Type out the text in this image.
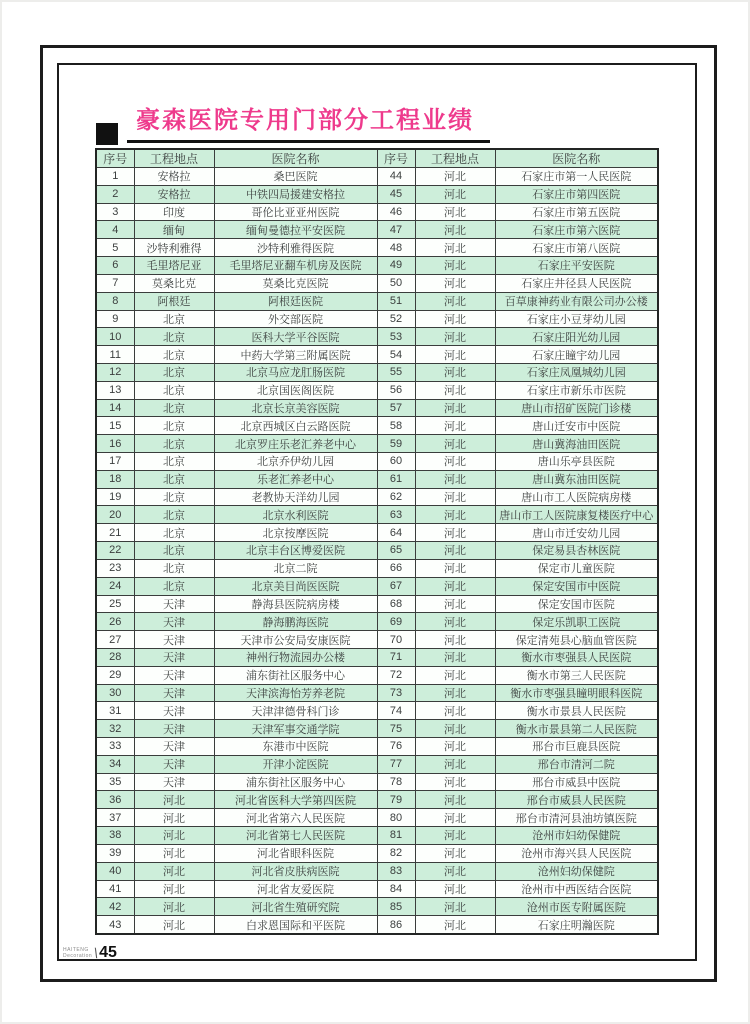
豪森医院专用门部分工程业绩
序号	工程地点	医院名称	序号	工程地点	医院名称
1	安格拉	桑巴医院	44	河北	石家庄市第一人民医院
2	安格拉	中铁四局援建安格拉	45	河北	石家庄市第四医院
3	印度	哥伦比亚亚州医院	46	河北	石家庄市第五医院
4	缅甸	缅甸曼德拉平安医院	47	河北	石家庄市第六医院
5	沙特利雅得	沙特利雅得医院	48	河北	石家庄市第八医院
6	毛里塔尼亚	毛里塔尼亚翻车机房及医院	49	河北	石家庄平安医院
7	莫桑比克	莫桑比克医院	50	河北	石家庄井径县人民医院
8	阿根廷	阿根廷医院	51	河北	百草康神药业有限公司办公楼
9	北京	外交部医院	52	河北	石家庄小豆芽幼儿园
10	北京	医科大学平谷医院	53	河北	石家庄阳光幼儿园
11	北京	中药大学第三附属医院	54	河北	石家庄瞳宇幼儿园
12	北京	北京马应龙肛肠医院	55	河北	石家庄凤凰城幼儿园
13	北京	北京国医阁医院	56	河北	石家庄市新乐市医院
14	北京	北京长京美容医院	57	河北	唐山市招矿医院门诊楼
15	北京	北京西城区白云路医院	58	河北	唐山迁安市中医院
16	北京	北京罗庄乐老汇养老中心	59	河北	唐山冀海油田医院
17	北京	北京乔伊幼儿园	60	河北	唐山乐亭县医院
18	北京	乐老汇养老中心	61	河北	唐山冀东油田医院
19	北京	老教协天洋幼儿园	62	河北	唐山市工人医院病房楼
20	北京	北京水利医院	63	河北	唐山市工人医院康复楼医疗中心
21	北京	北京按摩医院	64	河北	唐山市迁安幼儿园
22	北京	北京丰台区博爱医院	65	河北	保定易县杏林医院
23	北京	北京二院	66	河北	保定市儿童医院
24	北京	北京美目尚医医院	67	河北	保定安国市中医院
25	天津	静海县医院病房楼	68	河北	保定安国市医院
26	天津	静海鹏海医院	69	河北	保定乐凯职工医院
27	天津	天津市公安局安康医院	70	河北	保定清苑县心脑血管医院
28	天津	神州行物流园办公楼	71	河北	衡水市枣强县人民医院
29	天津	浦东街社区服务中心	72	河北	衡水市第三人民医院
30	天津	天津滨海怡芳养老院	73	河北	衡水市枣强县瞳明眼科医院
31	天津	天津津德骨科门诊	74	河北	衡水市景县人民医院
32	天津	天津军事交通学院	75	河北	衡水市景县第二人民医院
33	天津	东港市中医院	76	河北	邢台市巨鹿县医院
34	天津	开津小淀医院	77	河北	邢台市清河二院
35	天津	浦东街社区服务中心	78	河北	邢台市威县中医院
36	河北	河北省医科大学第四医院	79	河北	邢台市威县人民医院
37	河北	河北省第六人民医院	80	河北	邢台市清河县油坊镇医院
38	河北	河北省第七人民医院	81	河北	沧州市妇幼保健院
39	河北	河北省眼科医院	82	河北	沧州市海兴县人民医院
40	河北	河北省皮肤病医院	83	河北	沧州妇幼保健院
41	河北	河北省友爱医院	84	河北	沧州市中西医结合医院
42	河北	河北省生殖研究院	85	河北	沧州市医专附属医院
43	河北	白求恩国际和平医院	86	河北	石家庄明瀚医院
HAITENG
Decoration \ 45
